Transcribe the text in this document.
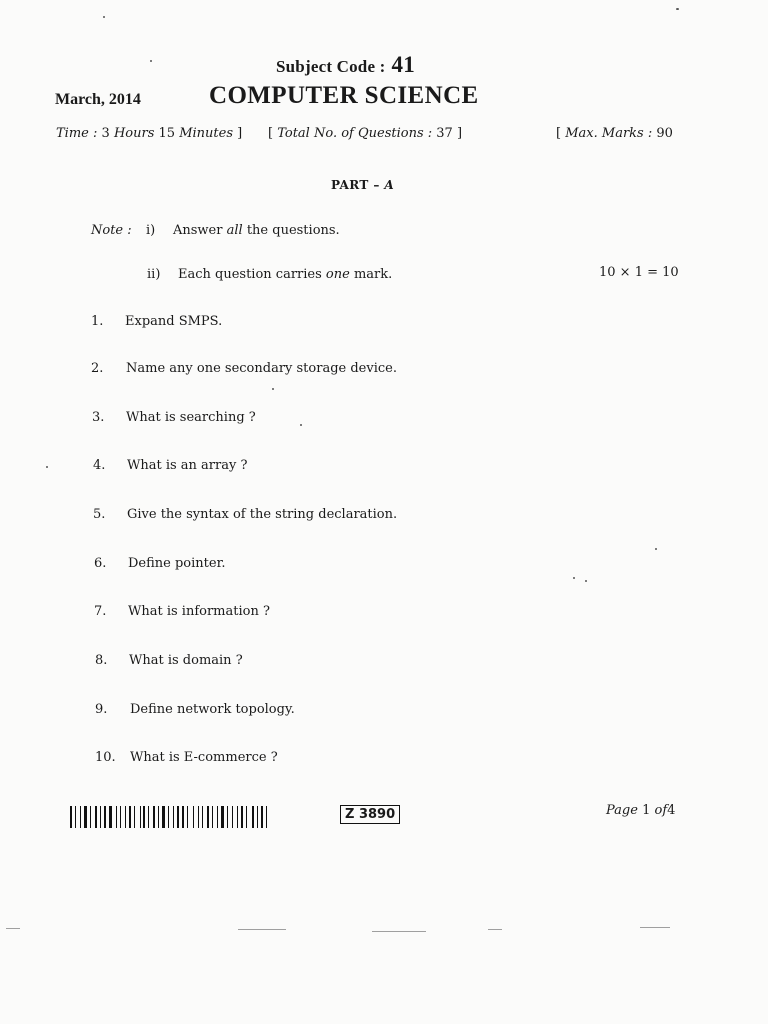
Subject Code : 41
March, 2014	COMPUTER SCIENCE
Time : 3 Hours 15 Minutes ] [ Total No. of Questions : 37 ]	[ Max. Marks : 90
PART – A
Note : i) Answer all the questions.
ii) Each question carries one mark.	10 × 1 = 10
1.	Expand SMPS.
2.	Name any one secondary storage device.
3.	What is searching ?
4.	What is an array ?
5.	Give the syntax of the string declaration.
6.	Define pointer.
7.	What is information ?
8.	What is domain ?
9.	Define network topology.
10.	What is E-commerce ?
Z 3890	Page 1 of4
